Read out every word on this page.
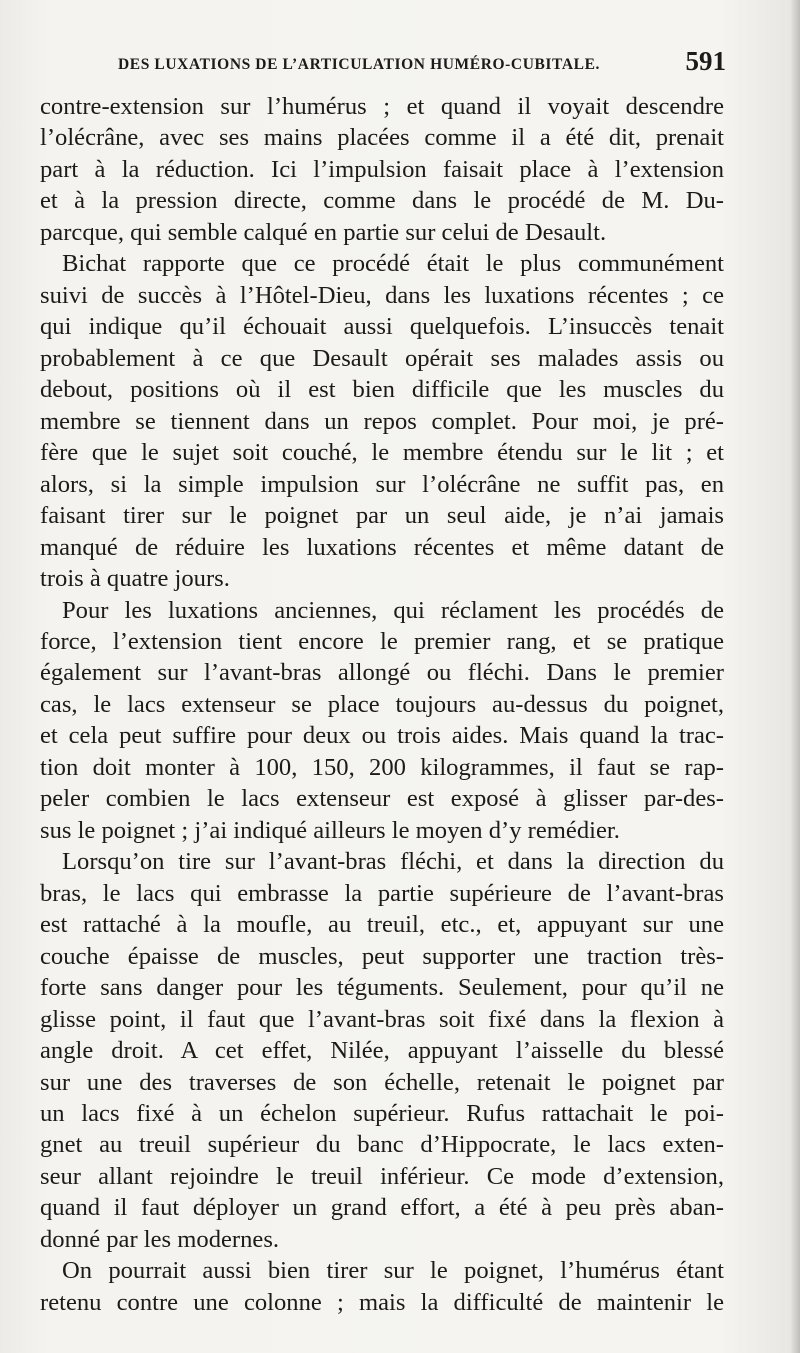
DES LUXATIONS DE L’ARTICULATION HUMÉRO-CUBITALE.	591
contre-extension sur l’humérus ; et quand il voyait descendre
l’olécrâne, avec ses mains placées comme il a été dit, prenait
part à la réduction. Ici l’impulsion faisait place à l’extension
et à la pression directe, comme dans le procédé de M. Du-
parcque, qui semble calqué en partie sur celui de Desault.
Bichat rapporte que ce procédé était le plus communément
suivi de succès à l’Hôtel-Dieu, dans les luxations récentes ; ce
qui indique qu’il échouait aussi quelquefois. L’insuccès tenait
probablement à ce que Desault opérait ses malades assis ou
debout, positions où il est bien difficile que les muscles du
membre se tiennent dans un repos complet. Pour moi, je pré-
fère que le sujet soit couché, le membre étendu sur le lit ; et
alors, si la simple impulsion sur l’olécrâne ne suffit pas, en
faisant tirer sur le poignet par un seul aide, je n’ai jamais
manqué de réduire les luxations récentes et même datant de
trois à quatre jours.
Pour les luxations anciennes, qui réclament les procédés de
force, l’extension tient encore le premier rang, et se pratique
également sur l’avant-bras allongé ou fléchi. Dans le premier
cas, le lacs extenseur se place toujours au-dessus du poignet,
et cela peut suffire pour deux ou trois aides. Mais quand la trac-
tion doit monter à 100, 150, 200 kilogrammes, il faut se rap-
peler combien le lacs extenseur est exposé à glisser par-des-
sus le poignet ; j’ai indiqué ailleurs le moyen d’y remédier.
Lorsqu’on tire sur l’avant-bras fléchi, et dans la direction du
bras, le lacs qui embrasse la partie supérieure de l’avant-bras
est rattaché à la moufle, au treuil, etc., et, appuyant sur une
couche épaisse de muscles, peut supporter une traction très-
forte sans danger pour les téguments. Seulement, pour qu’il ne
glisse point, il faut que l’avant-bras soit fixé dans la flexion à
angle droit. A cet effet, Nilée, appuyant l’aisselle du blessé
sur une des traverses de son échelle, retenait le poignet par
un lacs fixé à un échelon supérieur. Rufus rattachait le poi-
gnet au treuil supérieur du banc d’Hippocrate, le lacs exten-
seur allant rejoindre le treuil inférieur. Ce mode d’extension,
quand il faut déployer un grand effort, a été à peu près aban-
donné par les modernes.
On pourrait aussi bien tirer sur le poignet, l’humérus étant
retenu contre une colonne ; mais la difficulté de maintenir le
